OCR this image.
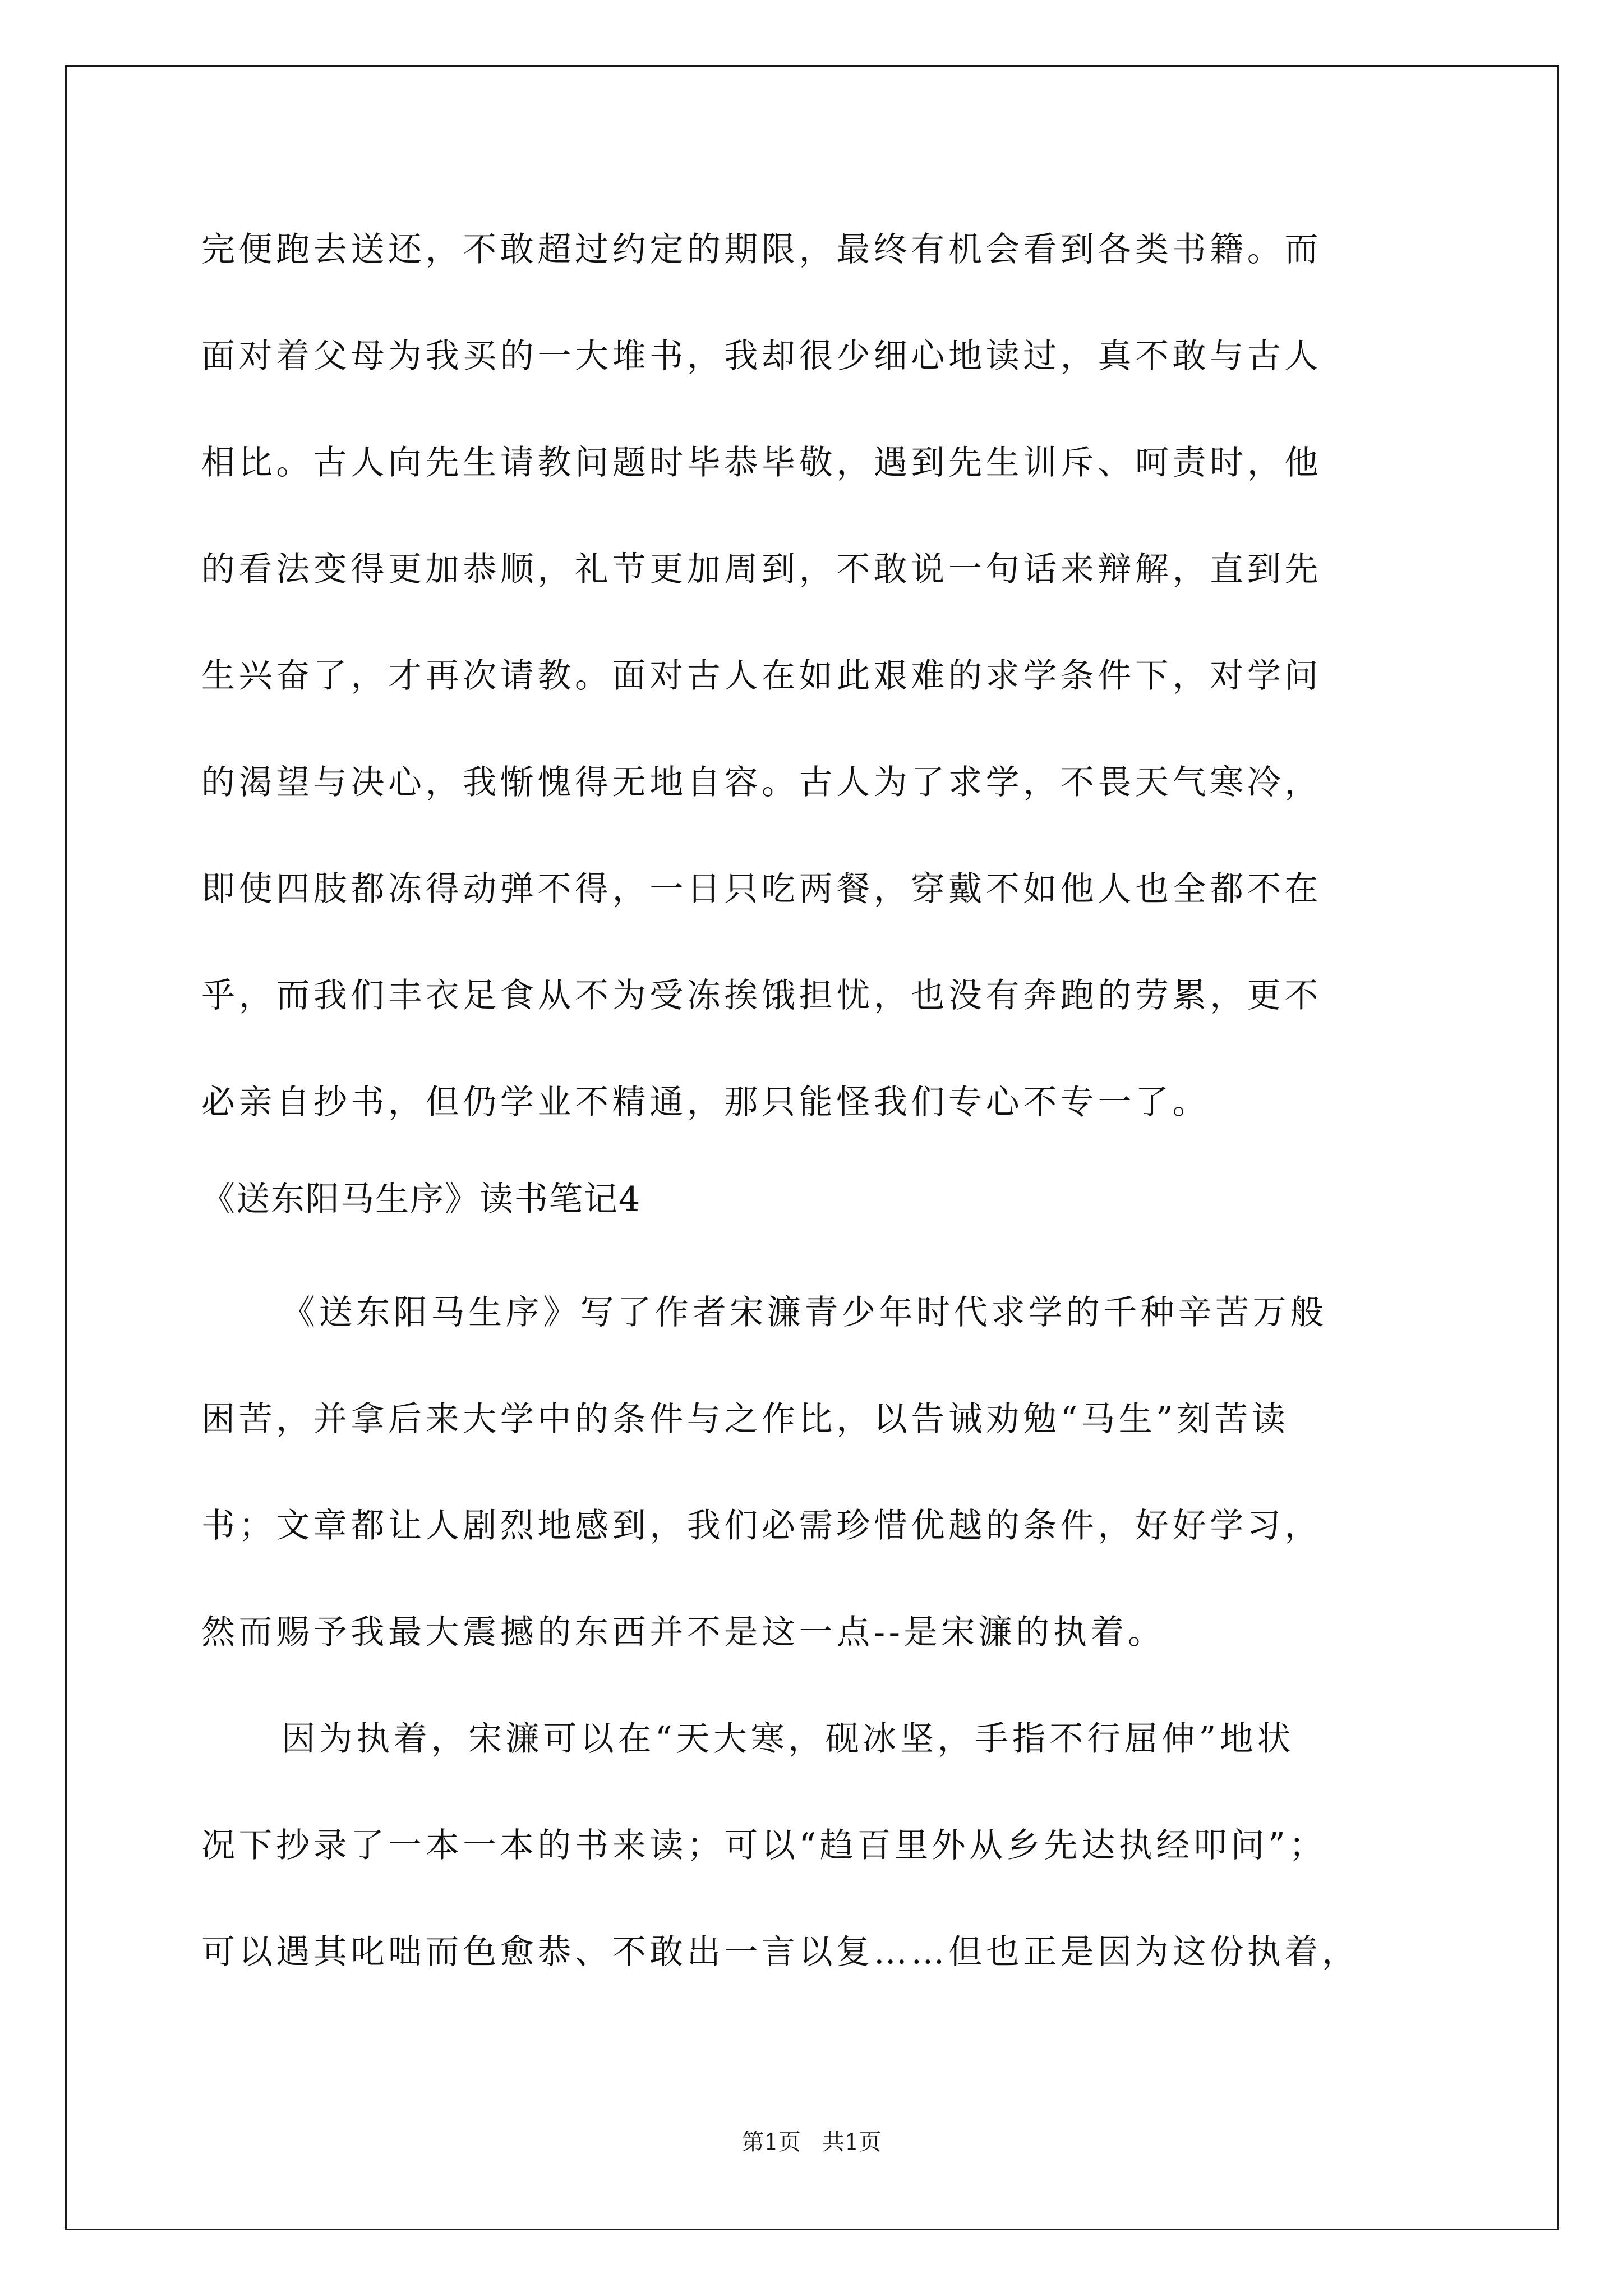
完便跑去送还，不敢超过约定的期限，最终有机会看到各类书籍。而
面对着父母为我买的一大堆书，我却很少细心地读过，真不敢与古人
相比。古人向先生请教问题时毕恭毕敬，遇到先生训斥、呵责时，他
的看法变得更加恭顺，礼节更加周到，不敢说一句话来辩解，直到先
生兴奋了，才再次请教。面对古人在如此艰难的求学条件下，对学问
的渴望与决心，我惭愧得无地自容。古人为了求学，不畏天气寒冷，
即使四肢都冻得动弹不得，一日只吃两餐，穿戴不如他人也全都不在
乎，而我们丰衣足食从不为受冻挨饿担忧，也没有奔跑的劳累，更不
必亲自抄书，但仍学业不精通，那只能怪我们专心不专一了。
《送东阳马生序》读书笔记4
《送东阳马生序》写了作者宋濂青少年时代求学的千种辛苦万般
困苦，并拿后来大学中的条件与之作比，以告诫劝勉“马生”刻苦读
书；文章都让人剧烈地感到，我们必需珍惜优越的条件，好好学习，
然而赐予我最大震撼的东西并不是这一点--是宋濂的执着。
因为执着，宋濂可以在“天大寒，砚冰坚，手指不行屈伸”地状
况下抄录了一本一本的书来读；可以“趋百里外从乡先达执经叩问”；
可以遇其叱咄而色愈恭、不敢出一言以复……但也正是因为这份执着，
第1页   共1页
